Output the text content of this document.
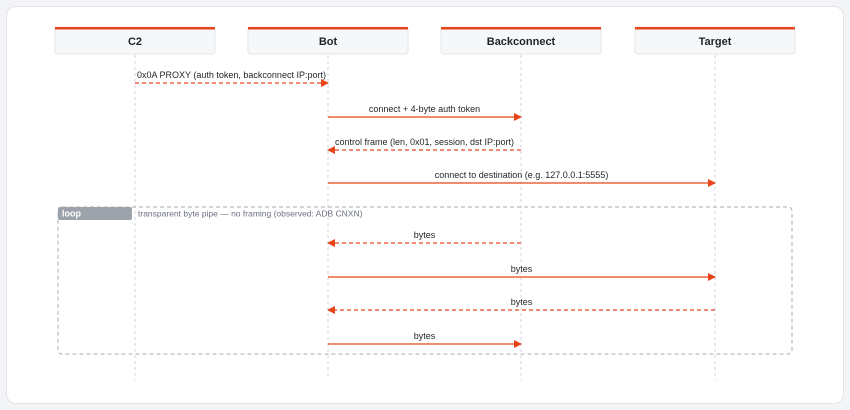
loop	transparent byte pipe — no framing (observed: ADB CNXN)
C2	Bot	Backconnect	Target
0x0A PROXY (auth token, backconnect IP:port)
connect + 4-byte auth token
control frame (len, 0x01, session, dst IP:port)
connect to destination (e.g. 127.0.0.1:5555)
bytes
bytes
bytes
bytes
